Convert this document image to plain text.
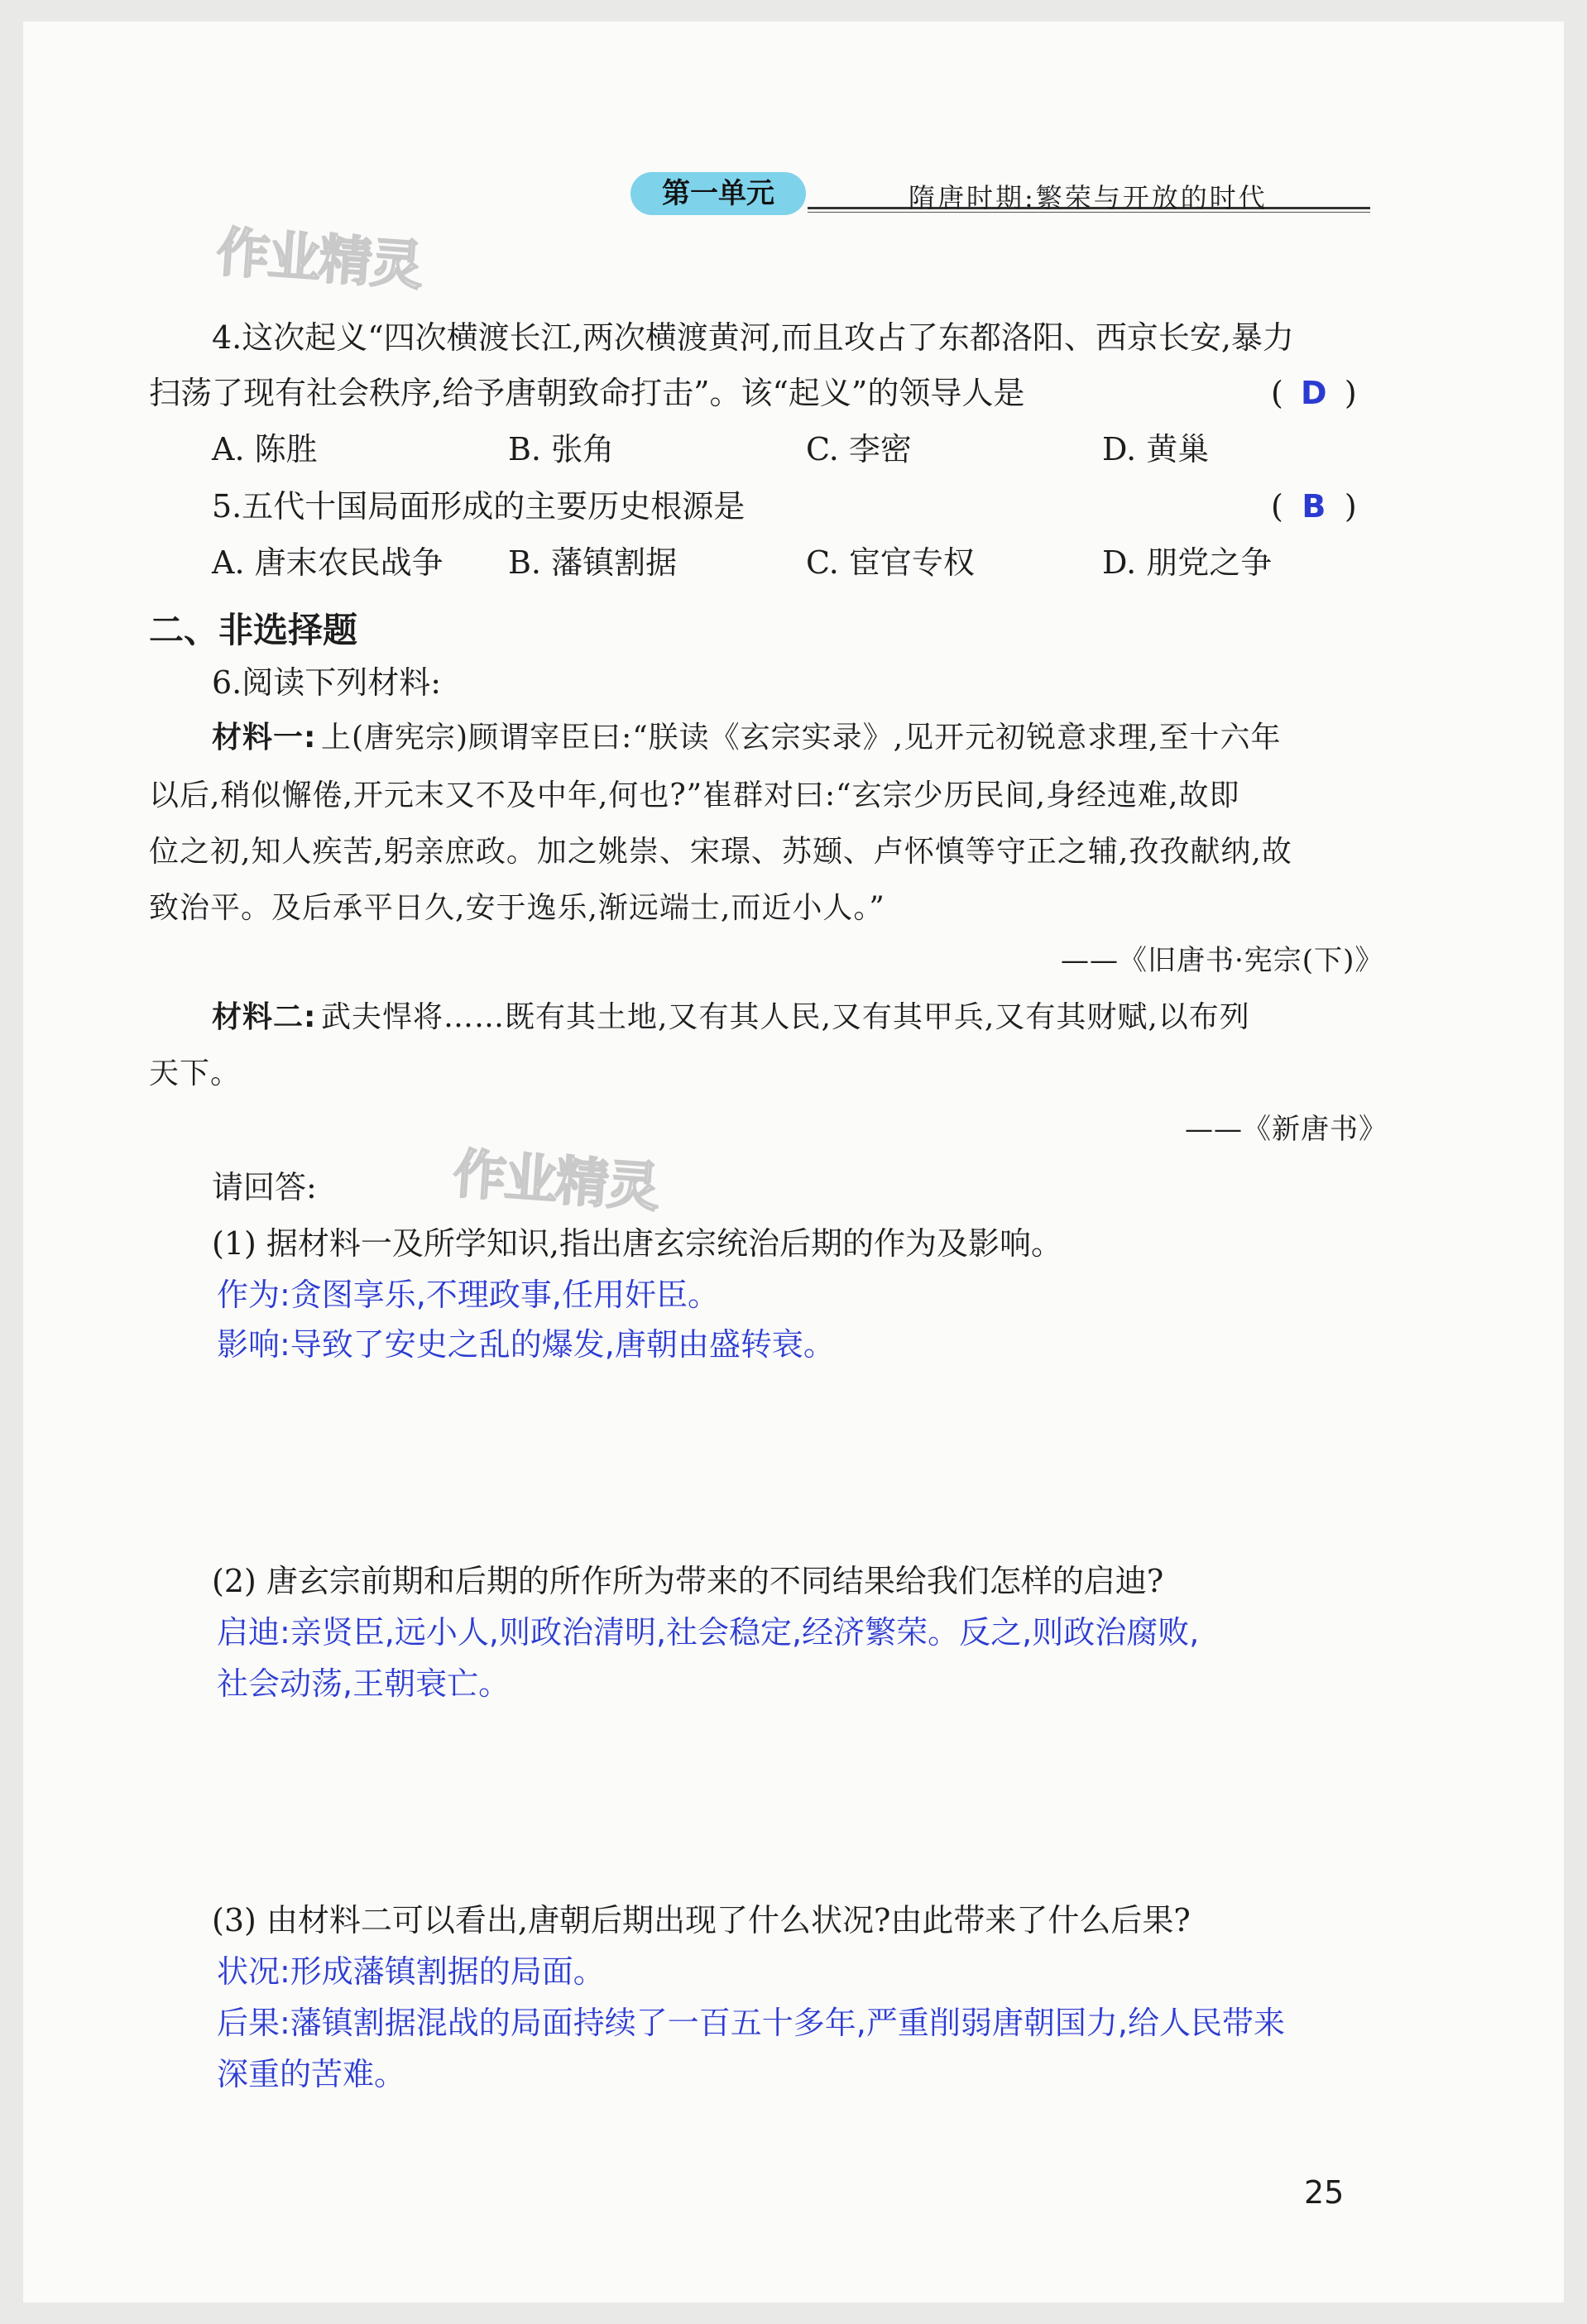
第一单元	隋唐时期:繁荣与开放的时代
作业精灵
作业精灵
4.这次起义“四次横渡长江,两次横渡黄河,而且攻占了东都洛阳、西京长安,暴力
扫荡了现有社会秩序,给予唐朝致命打击”。该“起义”的领导人是	( D )
A. 陈胜	B. 张角	C. 李密	D. 黄巢
5.五代十国局面形成的主要历史根源是	( B )
A. 唐末农民战争 B. 藩镇割据	C. 宦官专权	D. 朋党之争
二、非选择题
6.阅读下列材料:
材料一: 上(唐宪宗)顾谓宰臣曰:“朕读《玄宗实录》,见开元初锐意求理,至十六年
以后,稍似懈倦,开元末又不及中年,何也?”崔群对曰:“玄宗少历民间,身经迍难,故即
位之初,知人疾苦,躬亲庶政。加之姚崇、宋璟、苏颋、卢怀慎等守正之辅,孜孜献纳,故
致治平。及后承平日久,安于逸乐,渐远端士,而近小人。”
——《旧唐书·宪宗(下)》
材料二: 武夫悍将……既有其土地,又有其人民,又有其甲兵,又有其财赋,以布列
天下。
——《新唐书》
请回答:
(1) 据材料一及所学知识,指出唐玄宗统治后期的作为及影响。
作为:贪图享乐,不理政事,任用奸臣。
影响:导致了安史之乱的爆发,唐朝由盛转衰。
(2) 唐玄宗前期和后期的所作所为带来的不同结果给我们怎样的启迪?
启迪:亲贤臣,远小人,则政治清明,社会稳定,经济繁荣。反之,则政治腐败,
社会动荡,王朝衰亡。
(3) 由材料二可以看出,唐朝后期出现了什么状况?由此带来了什么后果?
状况:形成藩镇割据的局面。
后果:藩镇割据混战的局面持续了一百五十多年,严重削弱唐朝国力,给人民带来
深重的苦难。
25
